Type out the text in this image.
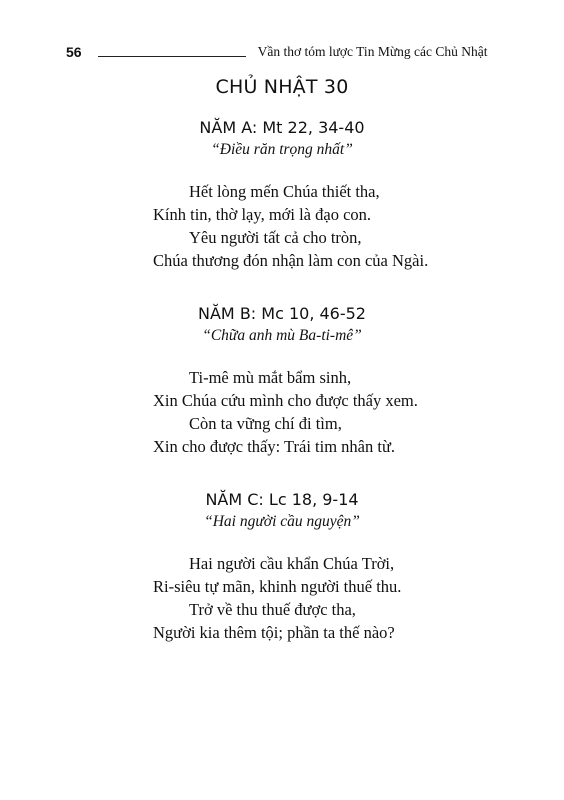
56	Vần thơ tóm lược Tin Mừng các Chủ Nhật
CHỦ NHẬT 30
NĂM A: Mt 22, 34-40
“Điều răn trọng nhất”
Hết lòng mến Chúa thiết tha,
Kính tin, thờ lạy, mới là đạo con.
Yêu người tất cả cho tròn,
Chúa thương đón nhận làm con của Ngài.
NĂM B: Mc 10, 46-52
“Chữa anh mù Ba-ti-mê”
Ti-mê mù mắt bẩm sinh,
Xin Chúa cứu mình cho được thấy xem.
Còn ta vững chí đi tìm,
Xin cho được thấy: Trái tim nhân từ.
NĂM C: Lc 18, 9-14
“Hai người cầu nguyện”
Hai người cầu khẩn Chúa Trời,
Ri-siêu tự mãn, khinh người thuế thu.
Trở về thu thuế được tha,
Người kia thêm tội; phần ta thế nào?
